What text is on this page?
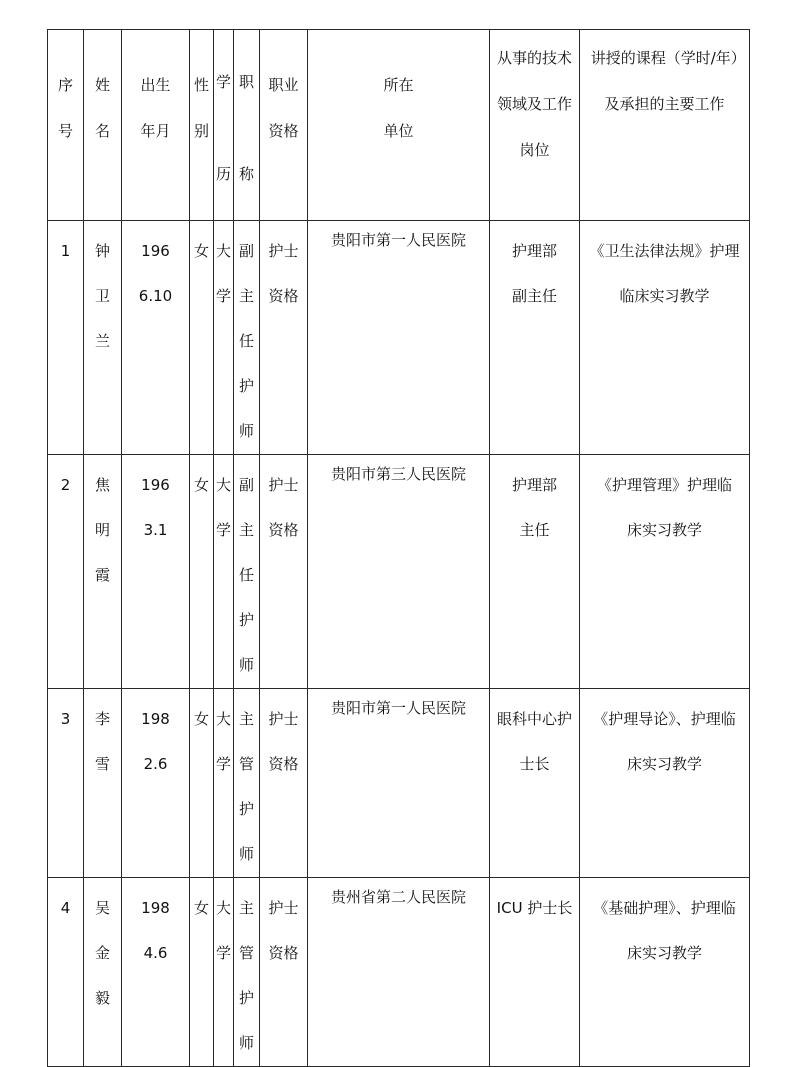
序号	姓名	出生年月	性别	学历	职称	职业资格	所在单位	从事的技术领域及工作岗位	讲授的课程（学时/年）及承担的主要工作

1	钟卫兰	1966.10	女	大学	副主任护师	护士资格	贵阳市第一人民医院	护理部副主任	《卫生法律法规》护理临床实习教学

2	焦明霞	1963.1	女	大学	副主任护师	护士资格	贵阳市第三人民医院	护理部主任	《护理管理》护理临床实习教学

3	李雪	1982.6	女	大学	主管护师	护士资格	贵阳市第一人民医院	眼科中心护士长	《护理导论》、护理临床实习教学

4	吴金毅	1984.6	女	大学	主管护师	护士资格	贵州省第二人民医院	ICU 护士长	《基础护理》、护理临床实习教学
